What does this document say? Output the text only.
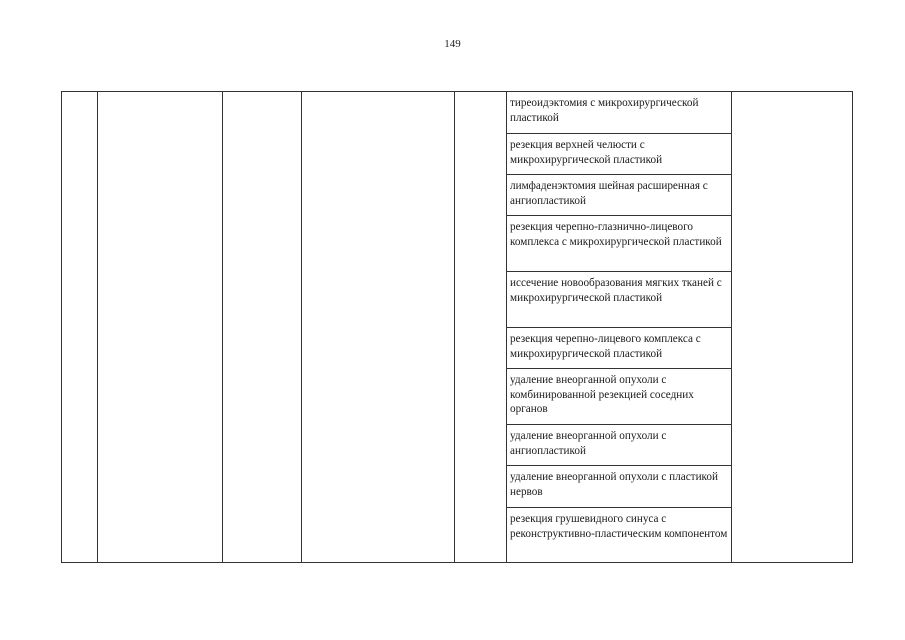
149
тиреоидэктомия с микрохирургической пластикой
резекция верхней челюсти с микрохирургической пластикой
лимфаденэктомия шейная расширенная с ангиопластикой
резекция черепно-глазнично-лицевого комплекса с микрохирургической пластикой
иссечение новообразования мягких тканей с микрохирургической пластикой
резекция черепно-лицевого комплекса с микрохирургической пластикой
удаление внеорганной опухоли с комбинированной резекцией соседних органов
удаление внеорганной опухоли с ангиопластикой
удаление внеорганной опухоли с пластикой нервов
резекция грушевидного синуса с реконструктивно-пластическим компонентом
